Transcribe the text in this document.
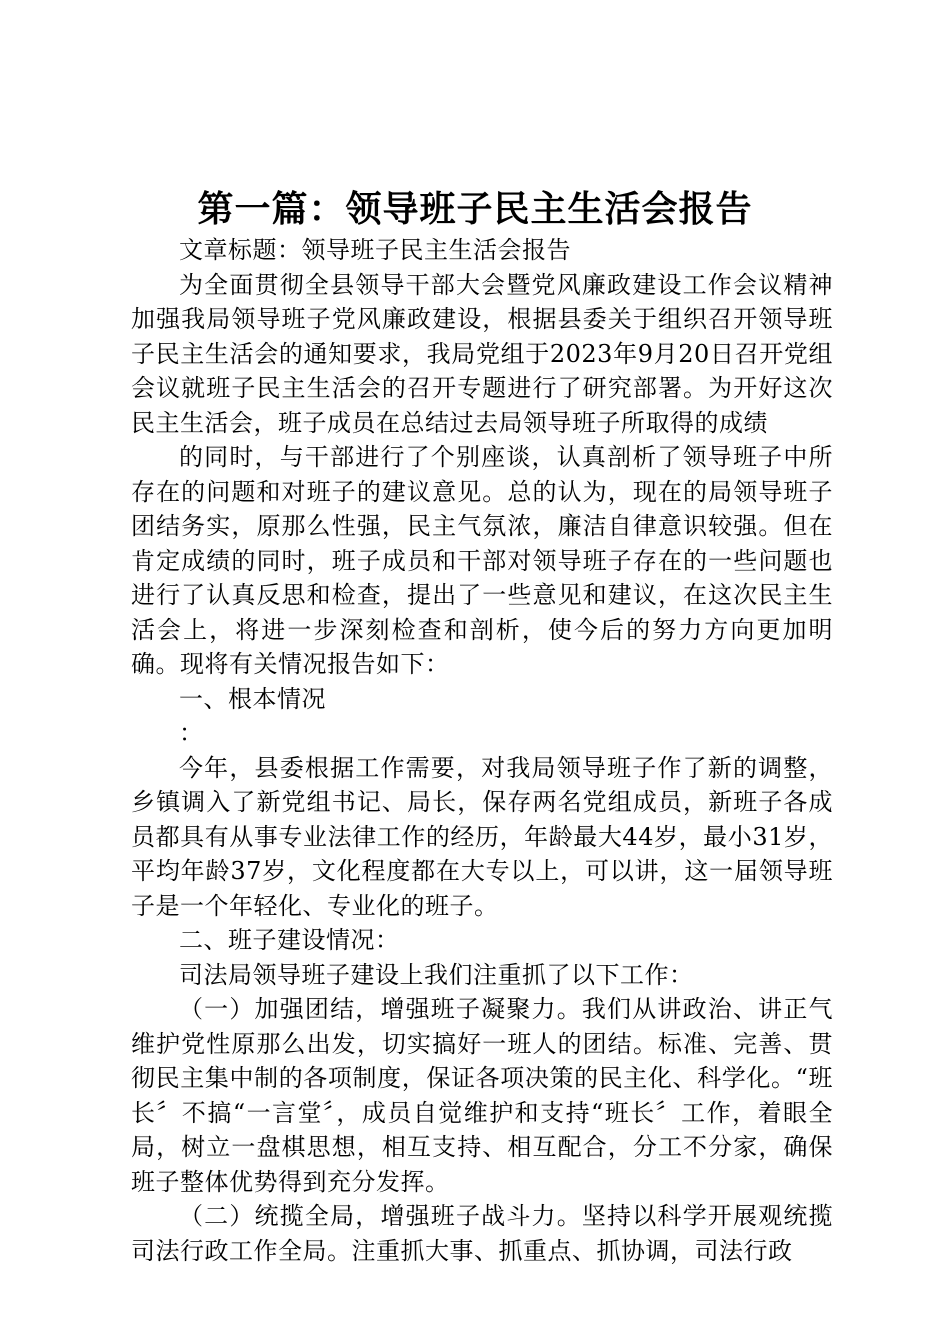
第一篇：领导班子民主生活会报告

文章标题：领导班子民主生活会报告

为全面贯彻全县领导干部大会暨党风廉政建设工作会议精神加强我局领导班子党风廉政建设，根据县委关于组织召开领导班子民主生活会的通知要求，我局党组于2023年9月20日召开党组会议就班子民主生活会的召开专题进行了研究部署。为开好这次民主生活会，班子成员在总结过去局领导班子所取得的成绩

的同时，与干部进行了个别座谈，认真剖析了领导班子中所存在的问题和对班子的建议意见。总的认为，现在的局领导班子团结务实，原那么性强，民主气氛浓，廉洁自律意识较强。但在肯定成绩的同时，班子成员和干部对领导班子存在的一些问题也进行了认真反思和检查，提出了一些意见和建议，在这次民主生活会上，将进一步深刻检查和剖析，使今后的努力方向更加明确。现将有关情况报告如下：

一、根本情况

：

今年，县委根据工作需要，对我局领导班子作了新的调整，乡镇调入了新党组书记、局长，保存两名党组成员，新班子各成员都具有从事专业法律工作的经历，年龄最大44岁，最小31岁，平均年龄37岁，文化程度都在大专以上，可以讲，这一届领导班子是一个年轻化、专业化的班子。

二、班子建设情况：

司法局领导班子建设上我们注重抓了以下工作：

（一）加强团结，增强班子凝聚力。我们从讲政治、讲正气维护党性原那么出发，切实搞好一班人的团结。标准、完善、贯彻民主集中制的各项制度，保证各项决策的民主化、科学化。“班长〞不搞“一言堂〞，成员自觉维护和支持“班长〞工作，着眼全局，树立一盘棋思想，相互支持、相互配合，分工不分家，确保班子整体优势得到充分发挥。

（二）统揽全局，增强班子战斗力。坚持以科学开展观统揽司法行政工作全局。注重抓大事、抓重点、抓协调，司法行政
